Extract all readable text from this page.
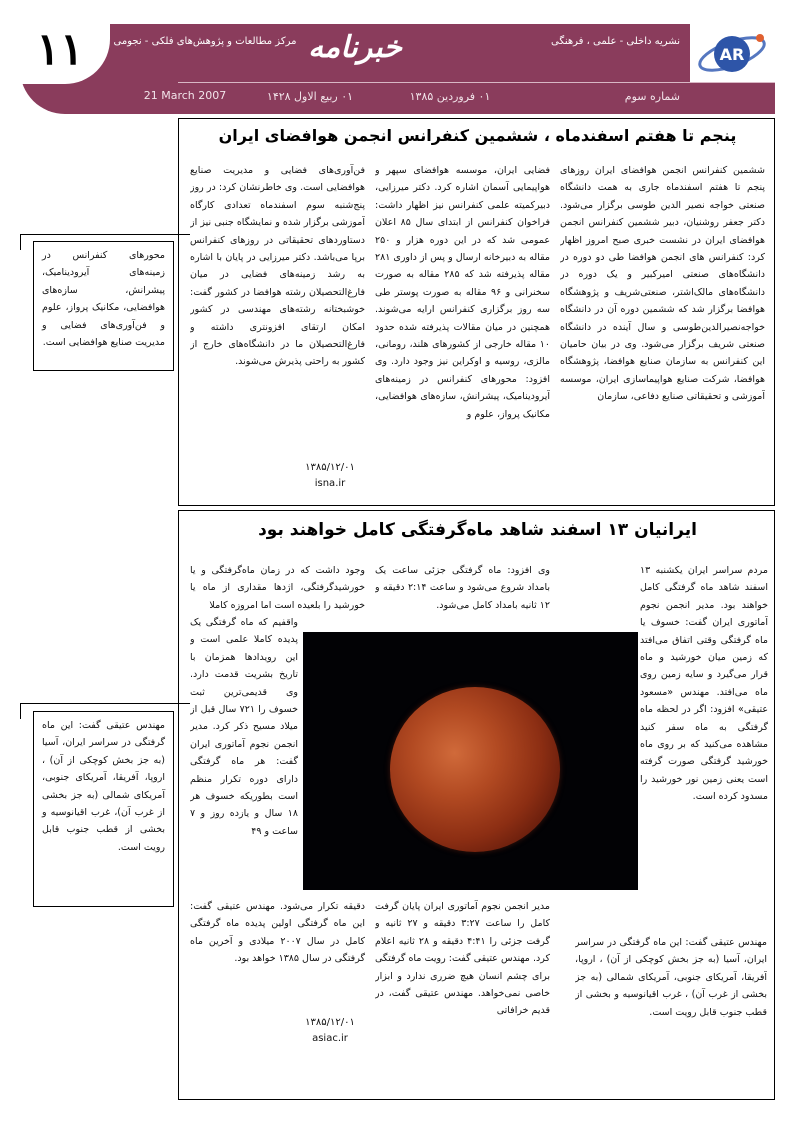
۱۱	AR
نشریه داخلی - علمی ، فرهنگی
خبرنامه
مرکز مطالعات و پژوهش‌های فلکی - نجومی
شماره سوم
۰۱ فروردین ۱۳۸۵
۰۱ ربیع الاول ۱۴۲۸
21 March 2007
پنجم تا هفتم اسفندماه ، ششمین کنفرانس انجمن هوافضای ایران
ششمین کنفرانس انجمن هوافضای ایران روزهای پنجم تا هفتم اسفندماه جاری به همت دانشگاه صنعتی خواجه نصیر الدین طوسی برگزار می‌شود. دکتر جعفر روشنیان، دبیر ششمین کنفرانس انجمن هوافضای ایران در نشست خبری صبح امروز اظهار کرد: کنفرانس های انجمن هوافضا طی دو دوره در دانشگاه‌های صنعتی امیرکبیر و یک دوره در دانشگاه‌های مالک‌اشتر، صنعتی‌شریف و پژوهشگاه هوافضا برگزار شد که ششمین دوره آن در دانشگاه خواجه‌نصیرالدین‌طوسی و سال آینده در دانشگاه صنعتی شریف برگزار می‌شود. وی در بیان حامیان این کنفرانس به سازمان صنایع هوافضا، پژوهشگاه هوافضا، شرکت صنایع هواپیماسازی ایران، موسسه آموزشی و تحقیقاتی صنایع دفاعی، سازمان
فضایی ایران، موسسه هوافضای سپهر و هواپیمایی آسمان اشاره کرد. دکتر میرزایی، دبیرکمیته علمی کنفرانس نیز اظهار داشت: فراخوان کنفرانس از ابتدای سال ۸۵ اعلان عمومی شد که در این دوره هزار و ۲۵۰ مقاله به دبیرخانه ارسال و پس از داوری ۲۸۱ مقاله پذیرفته شد که ۲۸۵ مقاله به صورت سخنرانی و ۹۶ مقاله به صورت پوستر طی سه روز برگزاری کنفرانس ارایه می‌شوند. همچنین در میان مقالات پذیرفته شده حدود ۱۰ مقاله خارجی از کشورهای هلند، رومانی، مالزی، روسیه و اوکراین نیز وجود دارد. وی افزود: محورهای کنفرانس در زمینه‌های آیرودینامیک، پیشرانش، سازه‌های هوافضایی، مکانیک پرواز، علوم و
فن‌آوری‌های فضایی و مدیریت صنایع هوافضایی است. وی خاطرنشان کرد: در روز پنج‌شنبه سوم اسفندماه تعدادی کارگاه آموزشی برگزار شده و نمایشگاه جنبی نیز از دستاوردهای تحقیقاتی در روزهای کنفرانس برپا می‌باشد. دکتر میرزایی در پایان با اشاره به رشد زمینه‌های فضایی در میان فارغ‌التحصیلان رشته هوافضا در کشور گفت: خوشبختانه رشته‌های مهندسی در کشور امکان ارتقای افزونتری داشته و فارغ‌التحصیلان ما در دانشگاه‌های خارج از کشور به راحتی پذیرش می‌شوند.
۱۳۸۵/۱۲/۰۱
isna.ir
محورهای کنفرانس در زمینه‌های آیرودینامیک، پیشرانش، سازه‌های هوافضایی، مکانیک پرواز، علوم و فن‌آوری‌های فضایی و مدیریت صنایع هوافضایی است.
ایرانیان ۱۳ اسفند شاهد ماه‌گرفتگی کامل خواهند بود
مردم سراسر ایران یکشنبه ۱۳ اسفند شاهد ماه گرفتگی کامل خواهند بود. مدیر انجمن نجوم آماتوری ایران گفت: خسوف یا ماه گرفتگی وقتی اتفاق می‌افتد که زمین میان خورشید و ماه قرار می‌گیرد و سایه زمین روی ماه می‌افتد. مهندس «مسعود عتیقی» افزود: اگر در لحظه ماه گرفتگی به ماه سفر کنید مشاهده می‌کنید که بر روی ماه خورشید گرفتگی صورت گرفته است یعنی زمین نور خورشید را مسدود کرده است.
مهندس عتیقی گفت: این ماه گرفتگی در سراسر ایران، آسیا (به جز بخش کوچکی از آن) ، اروپا، آفریقا، آمریکای جنوبی، آمریکای شمالی (به جز بخشی از غرب آن) ، غرب اقیانوسیه و بخشی از قطب جنوب قابل رویت است.
وی افزود: ماه گرفتگی جزئی ساعت یک بامداد شروع می‌شود و ساعت ۲:۱۴ دقیقه و ۱۲ ثانیه بامداد کامل می‌شود.
مدیر انجمن نجوم آماتوری ایران پایان گرفت کامل را ساعت ۳:۲۷ دقیقه و ۲۷ ثانیه و گرفت جزئی را ۴:۴۱ دقیقه و ۲۸ ثانیه اعلام کرد. مهندس عتیقی گفت: رویت ماه گرفتگی برای چشم انسان هیچ ضرری ندارد و ابزار خاصی نمی‌خواهد. مهندس عتیقی گفت، در قدیم خرافاتی
وجود داشت که در زمان ماه‌گرفتگی و یا خورشیدگرفتگی، اژدها مقداری از ماه یا خورشید را بلعیده است اما امروزه کاملا
واقفیم که ماه گرفتگی یک پدیده کاملا علمی است و این رویدادها همزمان با تاریخ بشریت قدمت دارد. وی قدیمی‌ترین ثبت خسوف را ۷۲۱ سال قبل از میلاد مسیح ذکر کرد. مدیر انجمن نجوم آماتوری ایران گفت: هر ماه گرفتگی دارای دوره تکرار منظم است بطوریکه خسوف هر ۱۸ سال و یازده روز و ۷ ساعت و ۴۹
دقیقه تکرار می‌شود. مهندس عتیقی گفت: این ماه گرفتگی اولین پدیده ماه گرفتگی کامل در سال ۲۰۰۷ میلادی و آخرین ماه گرفتگی در سال ۱۳۸۵ خواهد بود.
۱۳۸۵/۱۲/۰۱
asiac.ir
مهندس عتیقی گفت: این ماه گرفتگی در سراسر ایران، آسیا (به جز بخش کوچکی از آن) ، اروپا، آفریقا، آمریکای جنوبی، آمریکای شمالی (به جز بخشی از غرب آن)، غرب اقیانوسیه و بخشی از قطب جنوب قابل رویت است.
